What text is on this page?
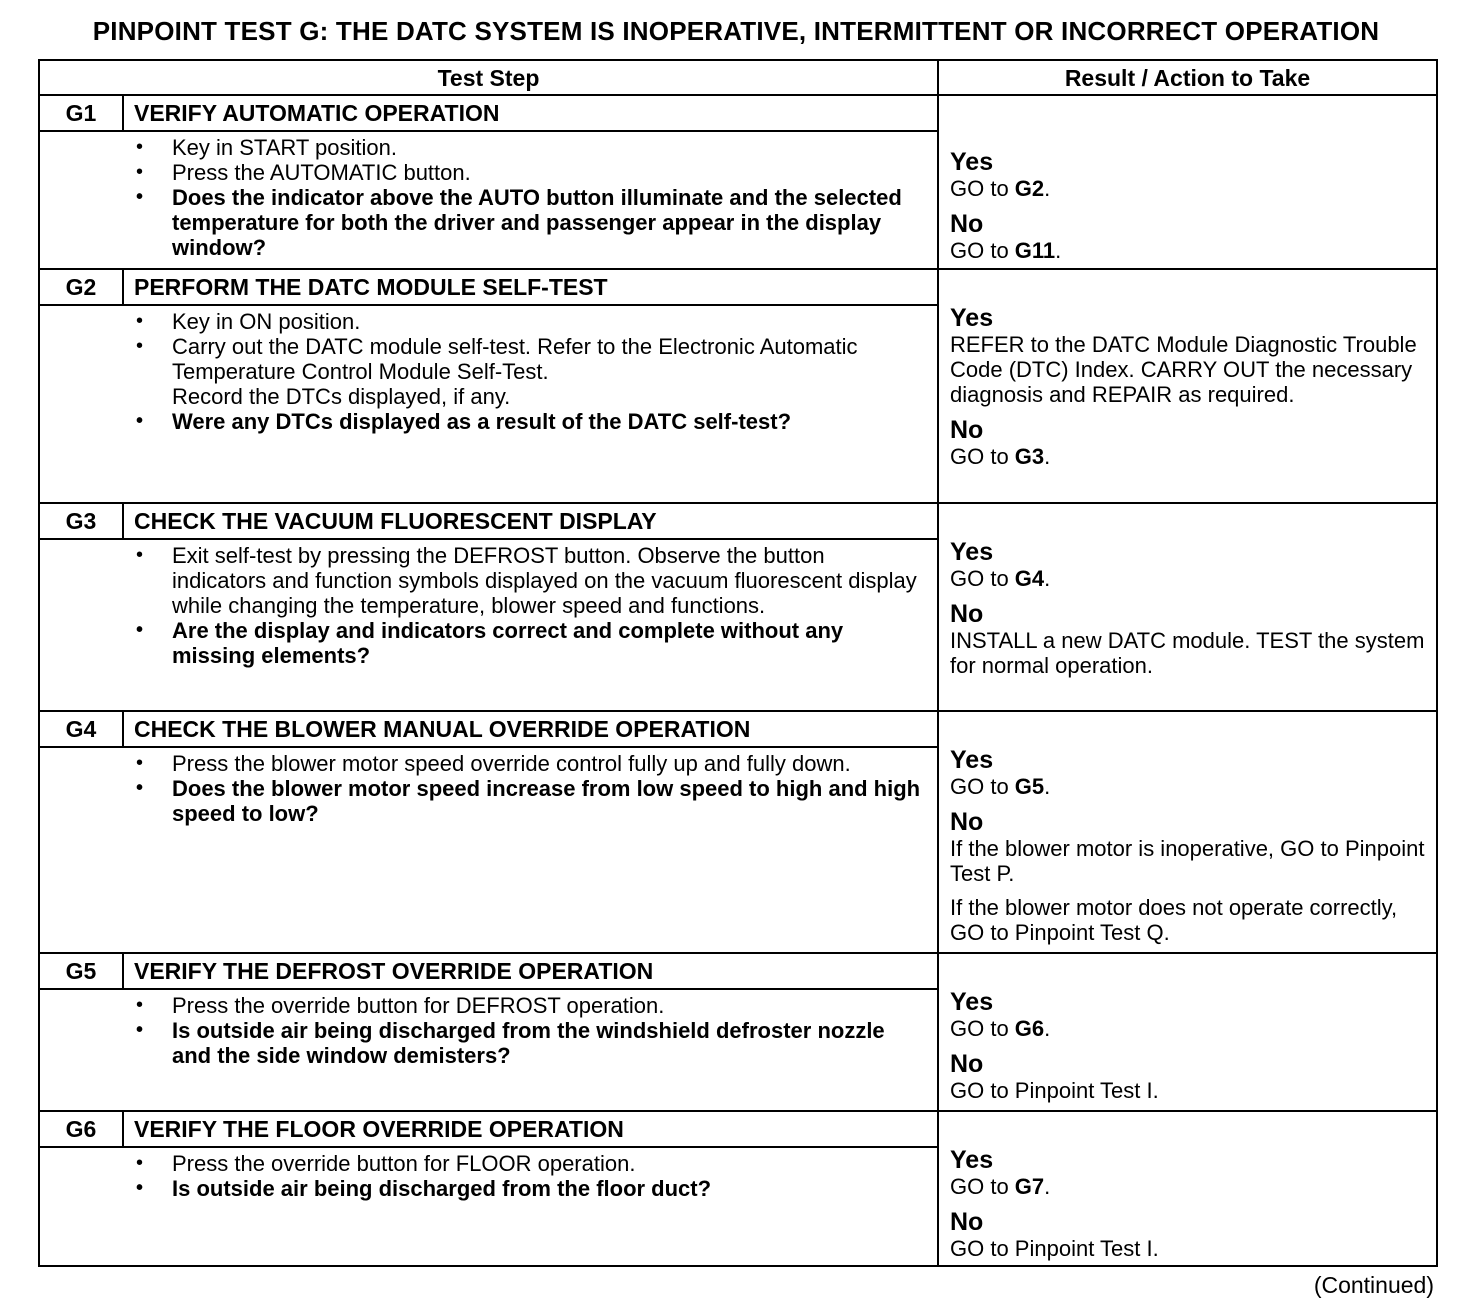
PINPOINT TEST G: THE DATC SYSTEM IS INOPERATIVE, INTERMITTENT OR INCORRECT OPERATION
Test Step	Result / Action to Take
G1	VERIFY AUTOMATIC OPERATION
• Key in START position.
• Press the AUTOMATIC button.
• Does the indicator above the AUTO button illuminate and the selected temperature for both the driver and passenger appear in the display window?
Yes
GO to G2.
No
GO to G11.
G2	PERFORM THE DATC MODULE SELF-TEST
• Key in ON position.
• Carry out the DATC module self-test. Refer to the Electronic Automatic Temperature Control Module Self-Test.
Record the DTCs displayed, if any.
• Were any DTCs displayed as a result of the DATC self-test?
Yes
REFER to the DATC Module Diagnostic Trouble Code (DTC) Index. CARRY OUT the necessary diagnosis and REPAIR as required.
No
GO to G3.
G3	CHECK THE VACUUM FLUORESCENT DISPLAY
• Exit self-test by pressing the DEFROST button. Observe the button indicators and function symbols displayed on the vacuum fluorescent display while changing the temperature, blower speed and functions.
• Are the display and indicators correct and complete without any missing elements?
Yes
GO to G4.
No
INSTALL a new DATC module. TEST the system for normal operation.
G4	CHECK THE BLOWER MANUAL OVERRIDE OPERATION
• Press the blower motor speed override control fully up and fully down.
• Does the blower motor speed increase from low speed to high and high speed to low?
Yes
GO to G5.
No
If the blower motor is inoperative, GO to Pinpoint Test P.
If the blower motor does not operate correctly, GO to Pinpoint Test Q.
G5	VERIFY THE DEFROST OVERRIDE OPERATION
• Press the override button for DEFROST operation.
• Is outside air being discharged from the windshield defroster nozzle and the side window demisters?
Yes
GO to G6.
No
GO to Pinpoint Test I.
G6	VERIFY THE FLOOR OVERRIDE OPERATION
• Press the override button for FLOOR operation.
• Is outside air being discharged from the floor duct?
Yes
GO to G7.
No
GO to Pinpoint Test I.
(Continued)
